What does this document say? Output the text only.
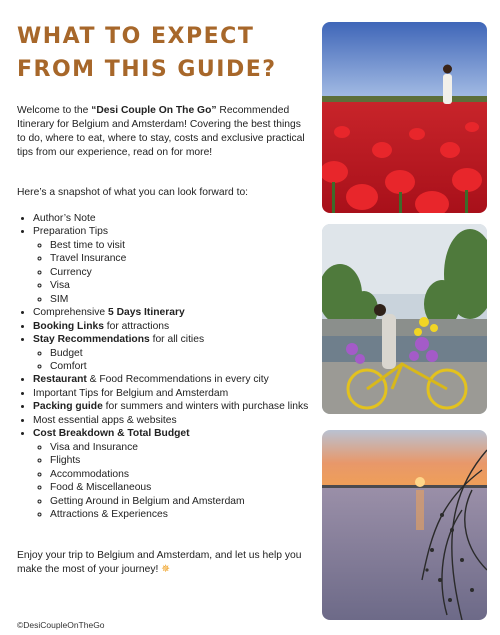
WHAT TO EXPECT
FROM THIS GUIDE?

Welcome to the “Desi Couple On The Go” Recommended Itinerary for Belgium and Amsterdam! Covering the best things to do, where to eat, where to stay, costs and exclusive practical tips from our experience, read on for more!

Here’s a snapshot of what you can look forward to:

• Author’s Note
• Preparation Tips
◦ Best time to visit
◦ Travel Insurance
◦ Currency
◦ Visa
◦ SIM
• Comprehensive 5 Days Itinerary
• Booking Links for attractions
• Stay Recommendations for all cities
◦ Budget
◦ Comfort
• Restaurant & Food Recommendations in every city
• Important Tips for Belgium and Amsterdam
• Packing guide for summers and winters with purchase links
• Most essential apps & websites
• Cost Breakdown & Total Budget
◦ Visa and Insurance
◦ Flights
◦ Accommodations
◦ Food & Miscellaneous
◦ Getting Around in Belgium and Amsterdam
◦ Attractions & Experiences

Enjoy your trip to Belgium and Amsterdam, and let us help you make the most of your journey! ✵

©DesiCoupleOnTheGo
